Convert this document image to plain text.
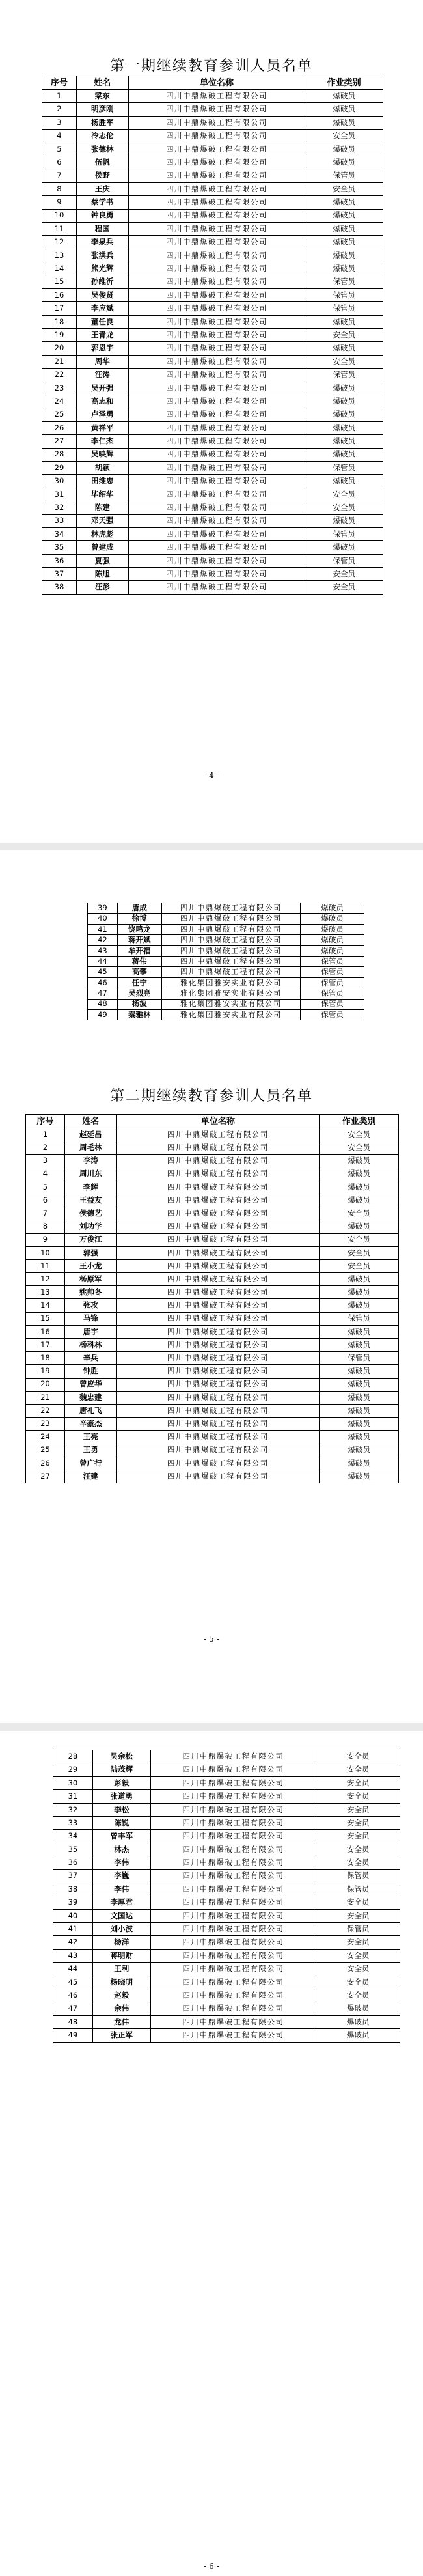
第一期继续教育参训人员名单
序号	姓名	单位名称	作业类别
1	梁东	四川中鼎爆破工程有限公司	爆破员
2	明彦刚	四川中鼎爆破工程有限公司	爆破员
3	杨胜军	四川中鼎爆破工程有限公司	爆破员
4	冷志伦	四川中鼎爆破工程有限公司	安全员
5	张德林	四川中鼎爆破工程有限公司	爆破员
6	伍帆	四川中鼎爆破工程有限公司	爆破员
7	侯野	四川中鼎爆破工程有限公司	保管员
8	王庆	四川中鼎爆破工程有限公司	安全员
9	蔡学书	四川中鼎爆破工程有限公司	爆破员
10	钟良勇	四川中鼎爆破工程有限公司	爆破员
11	程国	四川中鼎爆破工程有限公司	爆破员
12	李泉兵	四川中鼎爆破工程有限公司	爆破员
13	张洪兵	四川中鼎爆破工程有限公司	爆破员
14	熊光辉	四川中鼎爆破工程有限公司	爆破员
15	孙维沂	四川中鼎爆破工程有限公司	保管员
16	吴俊贤	四川中鼎爆破工程有限公司	保管员
17	李应斌	四川中鼎爆破工程有限公司	保管员
18	董任良	四川中鼎爆破工程有限公司	爆破员
19	王青龙	四川中鼎爆破工程有限公司	安全员
20	郭恩宇	四川中鼎爆破工程有限公司	爆破员
21	周华	四川中鼎爆破工程有限公司	安全员
22	汪涛	四川中鼎爆破工程有限公司	保管员
23	吴开强	四川中鼎爆破工程有限公司	爆破员
24	高志和	四川中鼎爆破工程有限公司	爆破员
25	卢泽勇	四川中鼎爆破工程有限公司	爆破员
26	黄祥平	四川中鼎爆破工程有限公司	爆破员
27	李仁杰	四川中鼎爆破工程有限公司	爆破员
28	吴映辉	四川中鼎爆破工程有限公司	爆破员
29	胡颖	四川中鼎爆破工程有限公司	保管员
30	田维忠	四川中鼎爆破工程有限公司	爆破员
31	毕绍华	四川中鼎爆破工程有限公司	安全员
32	陈建	四川中鼎爆破工程有限公司	安全员
33	邓天强	四川中鼎爆破工程有限公司	爆破员
34	林虎彪	四川中鼎爆破工程有限公司	保管员
35	曾建成	四川中鼎爆破工程有限公司	爆破员
36	夏强	四川中鼎爆破工程有限公司	保管员
37	陈旭	四川中鼎爆破工程有限公司	安全员
38	汪彭	四川中鼎爆破工程有限公司	安全员
- 4 -
39	唐成	四川中鼎爆破工程有限公司	爆破员
40	徐博	四川中鼎爆破工程有限公司	爆破员
41	饶鸣龙	四川中鼎爆破工程有限公司	爆破员
42	蒋开斌	四川中鼎爆破工程有限公司	爆破员
43	牟开福	四川中鼎爆破工程有限公司	爆破员
44	蒋伟	四川中鼎爆破工程有限公司	保管员
45	高攀	四川中鼎爆破工程有限公司	保管员
46	任宁	雅化集团雅安实业有限公司	保管员
47	吴烈亮	雅化集团雅安实业有限公司	保管员
48	杨波	雅化集团雅安实业有限公司	保管员
49	秦雅林	雅化集团雅安实业有限公司	保管员
第二期继续教育参训人员名单
序号	姓名	单位名称	作业类别
1	赵延昌	四川中鼎爆破工程有限公司	安全员
2	周毛林	四川中鼎爆破工程有限公司	安全员
3	李涛	四川中鼎爆破工程有限公司	爆破员
4	周川东	四川中鼎爆破工程有限公司	爆破员
5	李辉	四川中鼎爆破工程有限公司	爆破员
6	王益友	四川中鼎爆破工程有限公司	爆破员
7	侯德艺	四川中鼎爆破工程有限公司	安全员
8	刘功学	四川中鼎爆破工程有限公司	爆破员
9	万俊江	四川中鼎爆破工程有限公司	安全员
10	郭强	四川中鼎爆破工程有限公司	安全员
11	王小龙	四川中鼎爆破工程有限公司	安全员
12	杨原军	四川中鼎爆破工程有限公司	爆破员
13	姚帅冬	四川中鼎爆破工程有限公司	爆破员
14	张攻	四川中鼎爆破工程有限公司	爆破员
15	马锋	四川中鼎爆破工程有限公司	保管员
16	唐宇	四川中鼎爆破工程有限公司	爆破员
17	杨科林	四川中鼎爆破工程有限公司	爆破员
18	辛兵	四川中鼎爆破工程有限公司	保管员
19	钟胜	四川中鼎爆破工程有限公司	爆破员
20	曾应华	四川中鼎爆破工程有限公司	爆破员
21	魏忠建	四川中鼎爆破工程有限公司	爆破员
22	唐礼飞	四川中鼎爆破工程有限公司	爆破员
23	辛豪杰	四川中鼎爆破工程有限公司	爆破员
24	王亮	四川中鼎爆破工程有限公司	爆破员
25	王勇	四川中鼎爆破工程有限公司	爆破员
26	曾广行	四川中鼎爆破工程有限公司	爆破员
27	汪建	四川中鼎爆破工程有限公司	爆破员
- 5 -
28	吴余松	四川中鼎爆破工程有限公司	安全员
29	陆茂辉	四川中鼎爆破工程有限公司	安全员
30	彭毅	四川中鼎爆破工程有限公司	安全员
31	张道勇	四川中鼎爆破工程有限公司	安全员
32	李松	四川中鼎爆破工程有限公司	安全员
33	陈锐	四川中鼎爆破工程有限公司	安全员
34	曾丰军	四川中鼎爆破工程有限公司	安全员
35	林杰	四川中鼎爆破工程有限公司	安全员
36	李伟	四川中鼎爆破工程有限公司	安全员
37	李巍	四川中鼎爆破工程有限公司	保管员
38	李伟	四川中鼎爆破工程有限公司	保管员
39	李厚君	四川中鼎爆破工程有限公司	安全员
40	文国达	四川中鼎爆破工程有限公司	安全员
41	刘小波	四川中鼎爆破工程有限公司	保管员
42	杨洋	四川中鼎爆破工程有限公司	安全员
43	蒋明财	四川中鼎爆破工程有限公司	安全员
44	王利	四川中鼎爆破工程有限公司	安全员
45	杨晓明	四川中鼎爆破工程有限公司	安全员
46	赵毅	四川中鼎爆破工程有限公司	安全员
47	余伟	四川中鼎爆破工程有限公司	爆破员
48	龙伟	四川中鼎爆破工程有限公司	爆破员
49	张正军	四川中鼎爆破工程有限公司	爆破员
- 6 -
